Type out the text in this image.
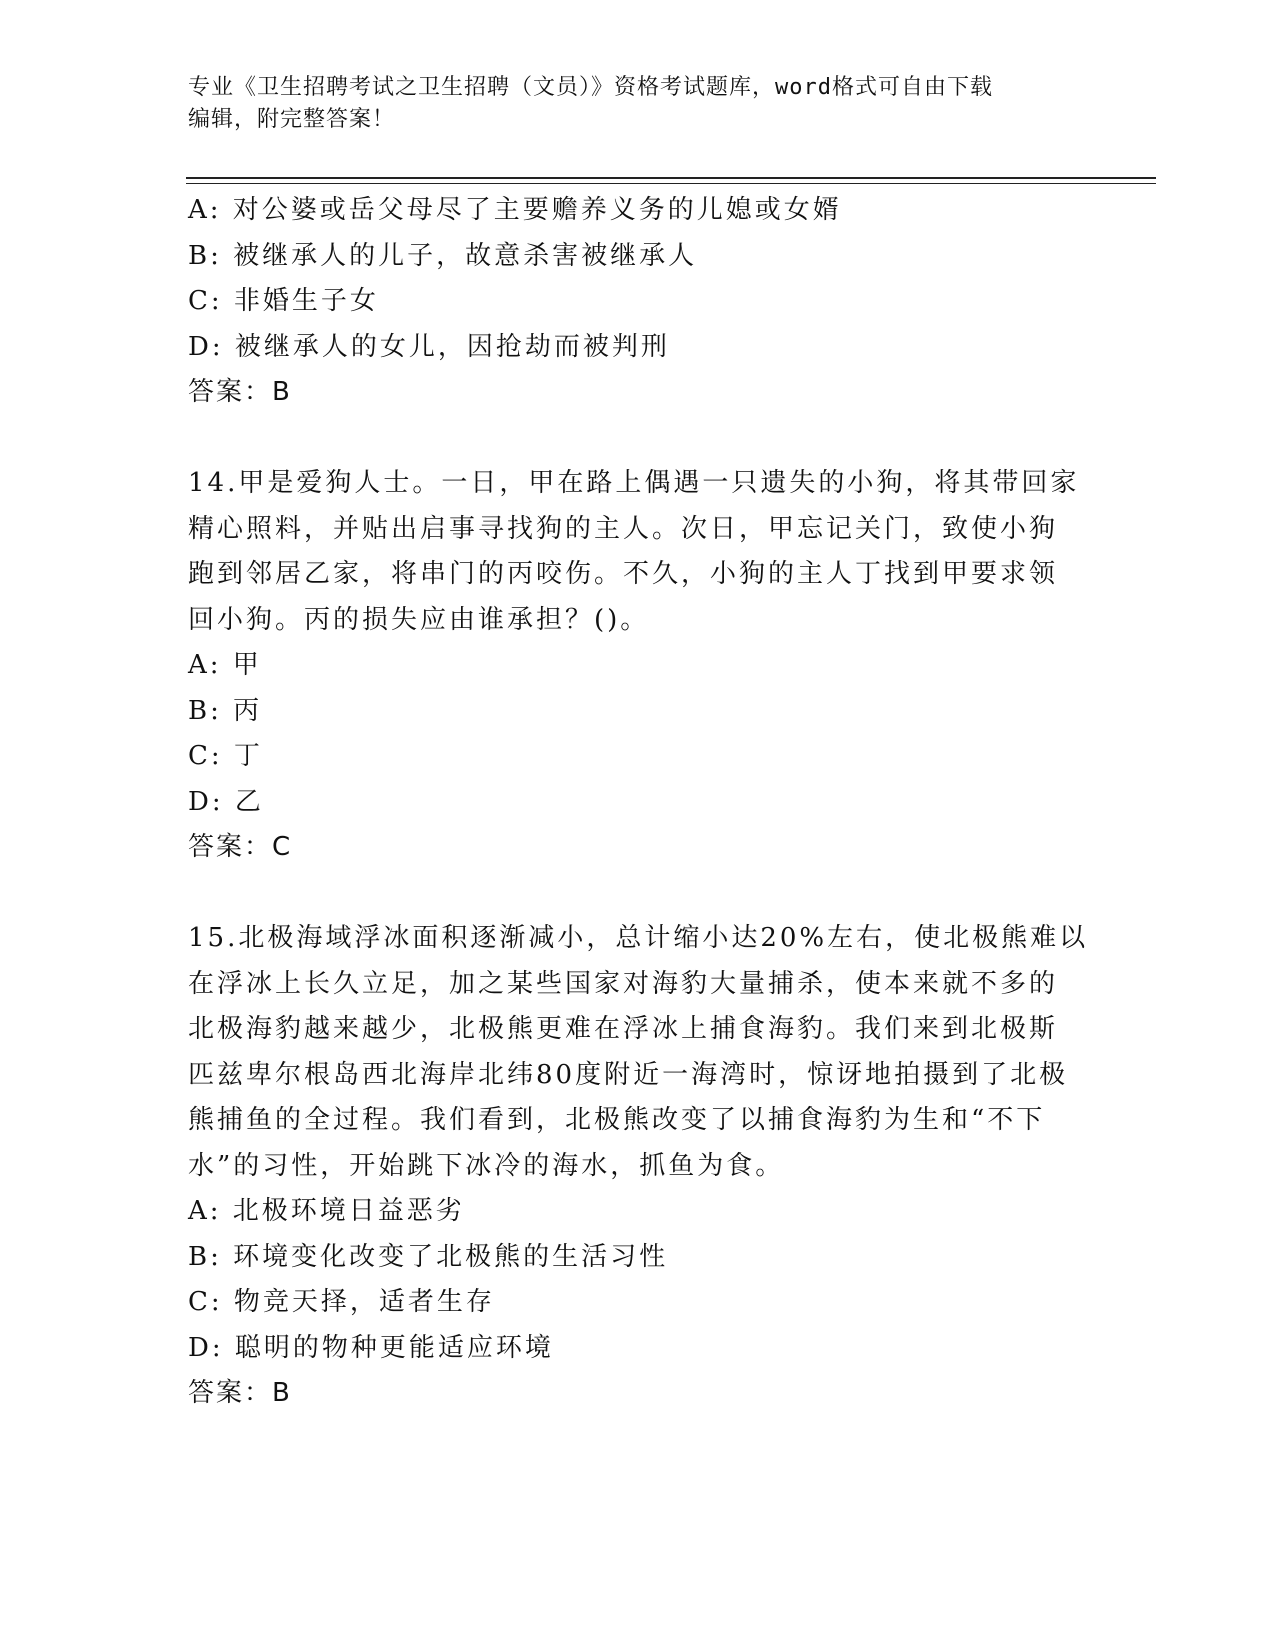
专业《卫生招聘考试之卫生招聘（文员）》资格考试题库，word格式可自由下载
编辑，附完整答案！
A: 对公婆或岳父母尽了主要赡养义务的儿媳或女婿
B: 被继承人的儿子，故意杀害被继承人
C: 非婚生子女
D: 被继承人的女儿，因抢劫而被判刑
答案：B
14.甲是爱狗人士。一日，甲在路上偶遇一只遗失的小狗，将其带回家
精心照料，并贴出启事寻找狗的主人。次日，甲忘记关门，致使小狗
跑到邻居乙家，将串门的丙咬伤。不久，小狗的主人丁找到甲要求领
回小狗。丙的损失应由谁承担？()。
A: 甲
B: 丙
C: 丁
D: 乙
答案：C
15.北极海域浮冰面积逐渐减小，总计缩小达20%左右，使北极熊难以
在浮冰上长久立足，加之某些国家对海豹大量捕杀，使本来就不多的
北极海豹越来越少，北极熊更难在浮冰上捕食海豹。我们来到北极斯
匹兹卑尔根岛西北海岸北纬80度附近一海湾时，惊讶地拍摄到了北极
熊捕鱼的全过程。我们看到，北极熊改变了以捕食海豹为生和“不下
水”的习性，开始跳下冰冷的海水，抓鱼为食。
A: 北极环境日益恶劣
B: 环境变化改变了北极熊的生活习性
C: 物竞天择，适者生存
D: 聪明的物种更能适应环境
答案：B
